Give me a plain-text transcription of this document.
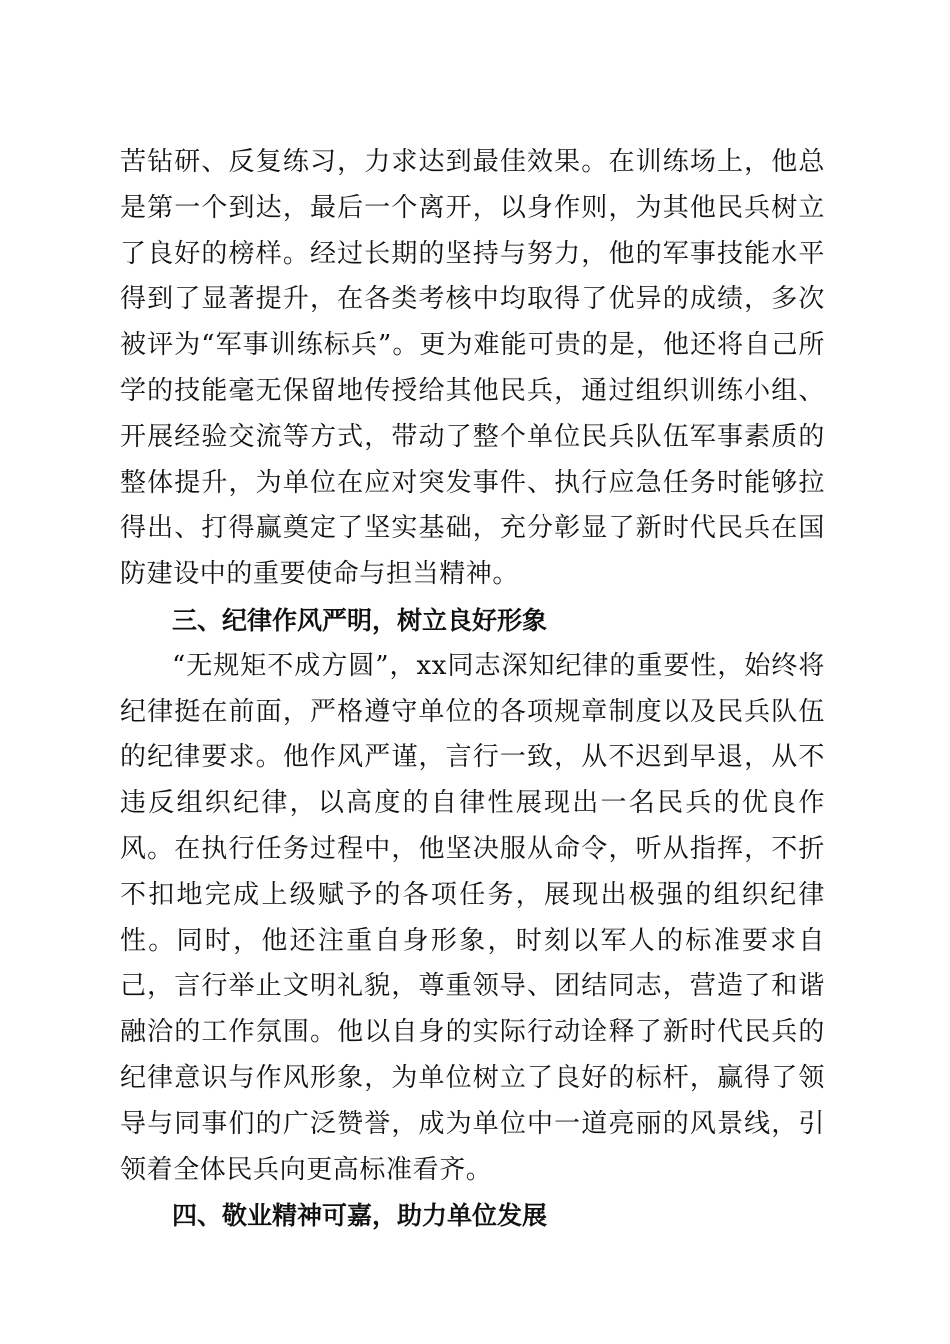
苦钻研、反复练习，力求达到最佳效果。在训练场上，他总是第一个到达，最后一个离开，以身作则，为其他民兵树立了良好的榜样。经过长期的坚持与努力，他的军事技能水平得到了显著提升，在各类考核中均取得了优异的成绩，多次被评为“军事训练标兵”。更为难能可贵的是，他还将自己所学的技能毫无保留地传授给其他民兵，通过组织训练小组、开展经验交流等方式，带动了整个单位民兵队伍军事素质的整体提升，为单位在应对突发事件、执行应急任务时能够拉得出、打得赢奠定了坚实基础，充分彰显了新时代民兵在国防建设中的重要使命与担当精神。

三、纪律作风严明，树立良好形象

“无规矩不成方圆”，xx同志深知纪律的重要性，始终将纪律挺在前面，严格遵守单位的各项规章制度以及民兵队伍的纪律要求。他作风严谨，言行一致，从不迟到早退，从不违反组织纪律，以高度的自律性展现出一名民兵的优良作风。在执行任务过程中，他坚决服从命令，听从指挥，不折不扣地完成上级赋予的各项任务，展现出极强的组织纪律性。同时，他还注重自身形象，时刻以军人的标准要求自己，言行举止文明礼貌，尊重领导、团结同志，营造了和谐融洽的工作氛围。他以自身的实际行动诠释了新时代民兵的纪律意识与作风形象，为单位树立了良好的标杆，赢得了领导与同事们的广泛赞誉，成为单位中一道亮丽的风景线，引领着全体民兵向更高标准看齐。

四、敬业精神可嘉，助力单位发展
